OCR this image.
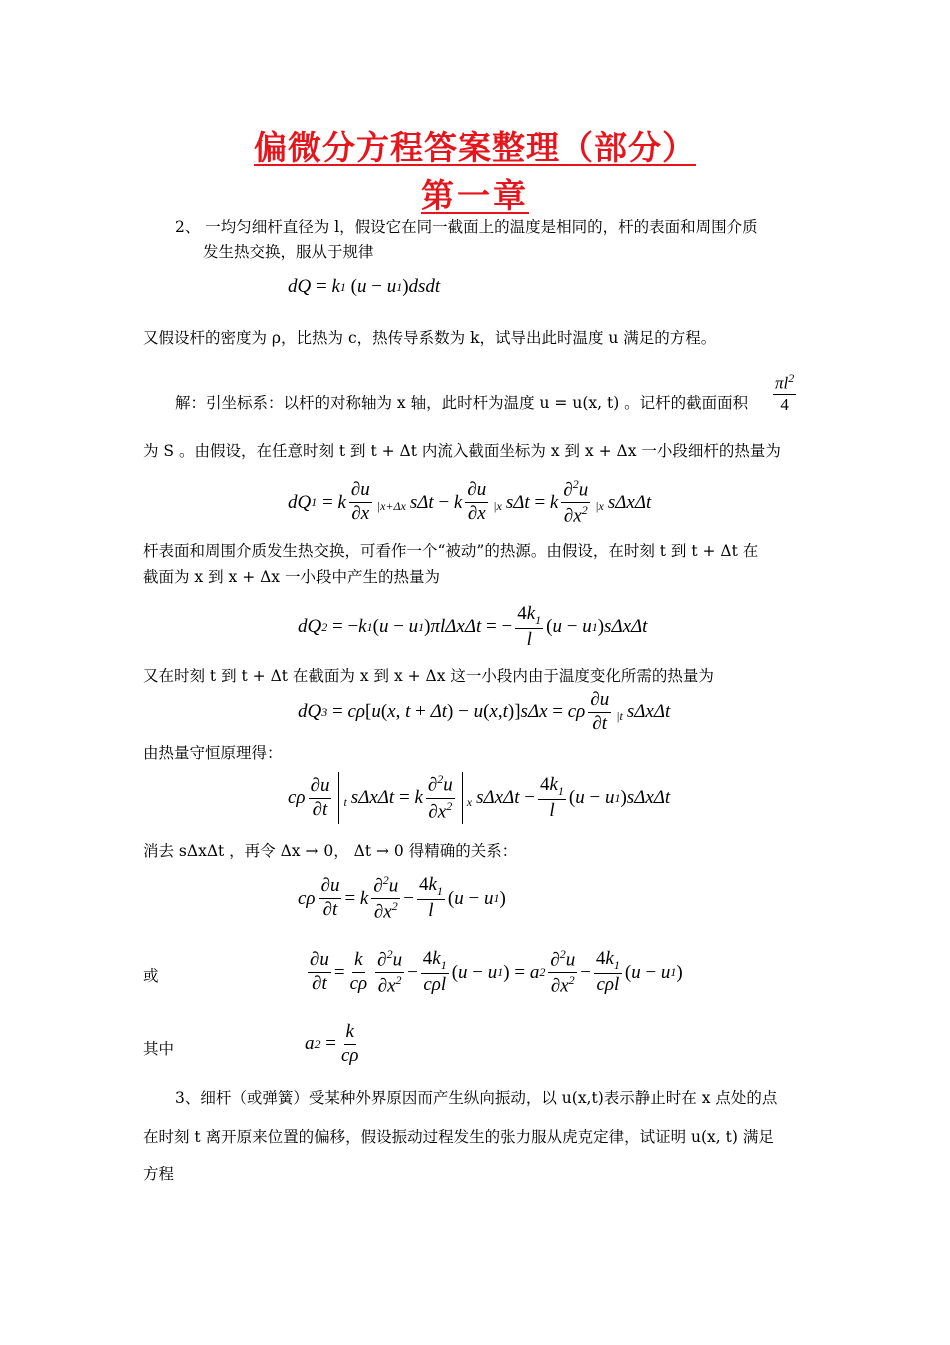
偏微分方程答案整理（部分）
第一章
2、 一均匀细杆直径为 l，假设它在同一截面上的温度是相同的，杆的表面和周围介质
发生热交换，服从于规律
dQ = k 1
( u − u 1 ) dsdt
又假设杆的密度为 ρ，比热为 c，热传导系数为 k，试导出此时温度 u 满足的方程。
解：引坐标系：以杆的对称轴为 x 轴，此时杆为温度 u = u(x, t) 。记杆的截面面积 $\frac{\pi l^2}{4}$
为 S 。由假设，在任意时刻 t 到 t + Δt 内流入截面坐标为 x 到 x + Δx 一小段细杆的热量为
dQ 1
= k $\frac{\partial u}{\partial x} |x+\Delta x$ sΔt − k $\frac{\partial u}{\partial x} |x$ sΔt = k $\frac{\partial^2u}{\partial x^2} |x$ sΔxΔt
杆表面和周围介质发生热交换，可看作一个“被动”的热源。由假设，在时刻 t 到 t + Δt 在
截面为 x 到 x + Δx 一小段中产生的热量为
dQ 2
=
− k 1 ( u − u 1 ) πlΔxΔt =
− $\frac{4k_1}{l}$ ( u − u 1 ) sΔxΔt
又在时刻 t 到 t + Δt 在截面为 x 到 x + Δx 这一小段内由于温度变化所需的热量为
dQ 3
= cρ [ u ( x , t + Δt )
− u ( x , t )] sΔx = cρ $\frac{\partial u}{\partial t} |t$ sΔxΔt
由热量守恒原理得：
cρ $\frac{\partial u}{\partial t}$ t sΔxΔt = k $\frac{\partial^2u}{\partial x^2}$ x $s\Delta x\Delta t - \frac{4k_1}{l}$ ( u − u 1 ) sΔxΔt
消去 sΔxΔt ，再令 Δx → 0， Δt → 0 得精确的关系：
cρ $\frac{\partial u}{\partial t} = k \frac{\partial^2u}{\partial x^2} - \frac{4k_1}{l}$ ( u − u 1 )
或	$\frac{\partial u}{\partial t} = \frac{k}{c\rho} \frac{\partial^2u}{\partial x^2} - \frac{4k_1}{\text{cρl}}$ ( u − u 1 )
= a $2 \frac{\partial^2u}{\partial x^2} - \frac{4k_1}{\text{cρl}}$ ( u − u 1 )
其中	a 2
= $\frac{k}{c\rho}$
3、细杆（或弹簧）受某种外界原因而产生纵向振动，以 u(x,t)表示静止时在 x 点处的点
在时刻 t 离开原来位置的偏移，假设振动过程发生的张力服从虎克定律，试证明 u(x, t) 满足
方程
